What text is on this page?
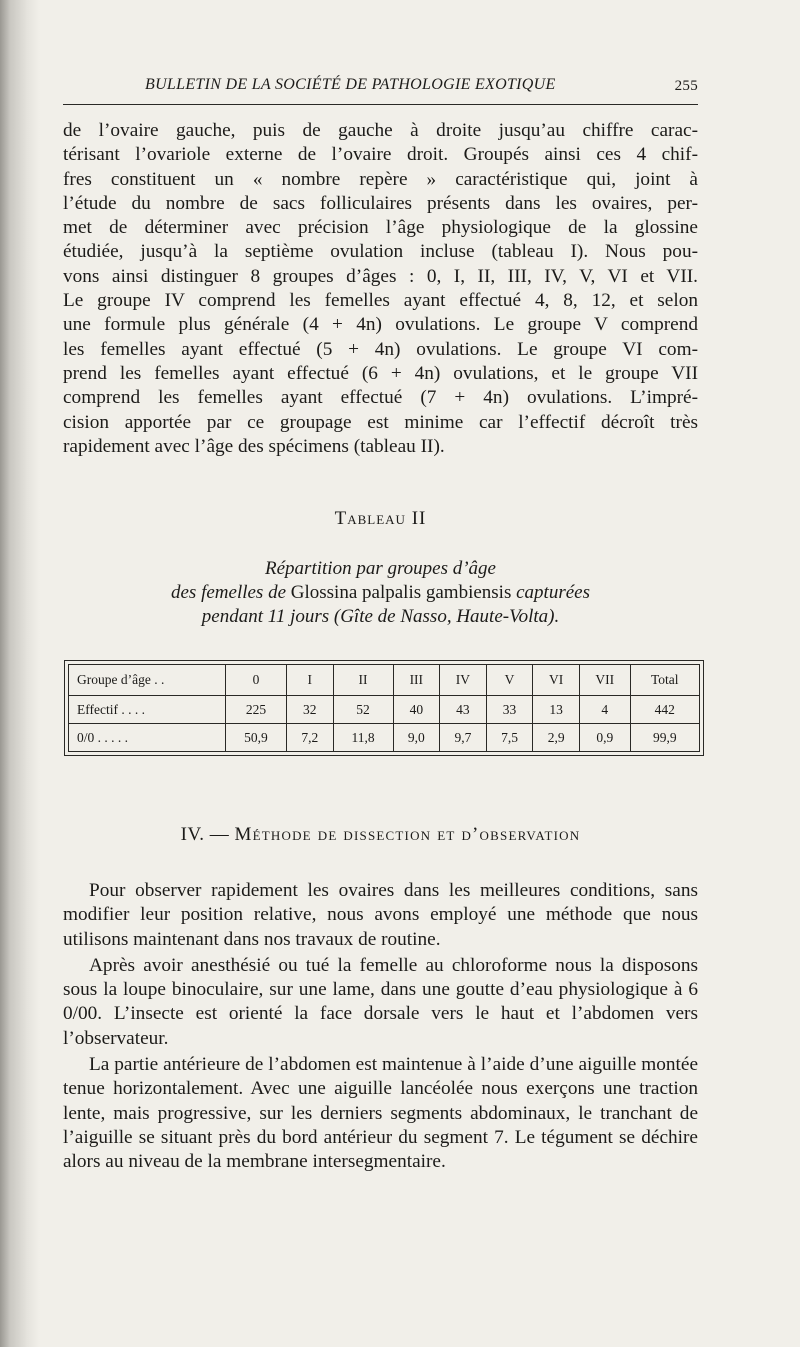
BULLETIN DE LA SOCIÉTÉ DE PATHOLOGIE EXOTIQUE	255

de l’ovaire gauche, puis de gauche à droite jusqu’au chiffre carac-

térisant l’ovariole externe de l’ovaire droit. Groupés ainsi ces 4 chif-

fres constituent un « nombre repère » caractéristique qui, joint à

l’étude du nombre de sacs folliculaires présents dans les ovaires, per-

met de déterminer avec précision l’âge physiologique de la glossine

étudiée, jusqu’à la septième ovulation incluse (tableau I). Nous pou-

vons ainsi distinguer 8 groupes d’âges : 0, I, II, III, IV, V, VI et VII.

Le groupe IV comprend les femelles ayant effectué 4, 8, 12, et selon

une formule plus générale (4 + 4n) ovulations. Le groupe V comprend

les femelles ayant effectué (5 + 4n) ovulations. Le groupe VI com-

prend les femelles ayant effectué (6 + 4n) ovulations, et le groupe VII

comprend les femelles ayant effectué (7 + 4n) ovulations. L’impré-

cision apportée par ce groupage est minime car l’effectif décroît très

rapidement avec l’âge des spécimens (tableau II).

Tableau II
Répartition par groupes d’âge
des femelles de Glossina palpalis gambiensis capturées
pendant 11 jours (Gîte de Nasso, Haute-Volta).
Groupe d’âge . .	0	I	II	III	IV	V	VI	VII	Total
Effectif . . . .	225	32	52	40	43	33	13	4	442
0/0 . . . . .	50,9	7,2	11,8	9,0	9,7	7,5	2,9	0,9	99,9
IV. — Méthode de dissection et d’observation

Pour observer rapidement les ovaires dans les meilleures conditions, sans modifier leur position relative, nous avons employé une méthode que nous utilisons maintenant dans nos travaux de routine.

Après avoir anesthésié ou tué la femelle au chloroforme nous la disposons sous la loupe binoculaire, sur une lame, dans une goutte d’eau physiologique à 6 0/00. L’insecte est orienté la face dorsale vers le haut et l’abdomen vers l’observateur.

La partie antérieure de l’abdomen est maintenue à l’aide d’une aiguille montée tenue horizontalement. Avec une aiguille lancéolée nous exerçons une traction lente, mais progressive, sur les derniers segments abdominaux, le tranchant de l’aiguille se situant près du bord antérieur du segment 7. Le tégument se déchire alors au niveau de la membrane intersegmentaire.
